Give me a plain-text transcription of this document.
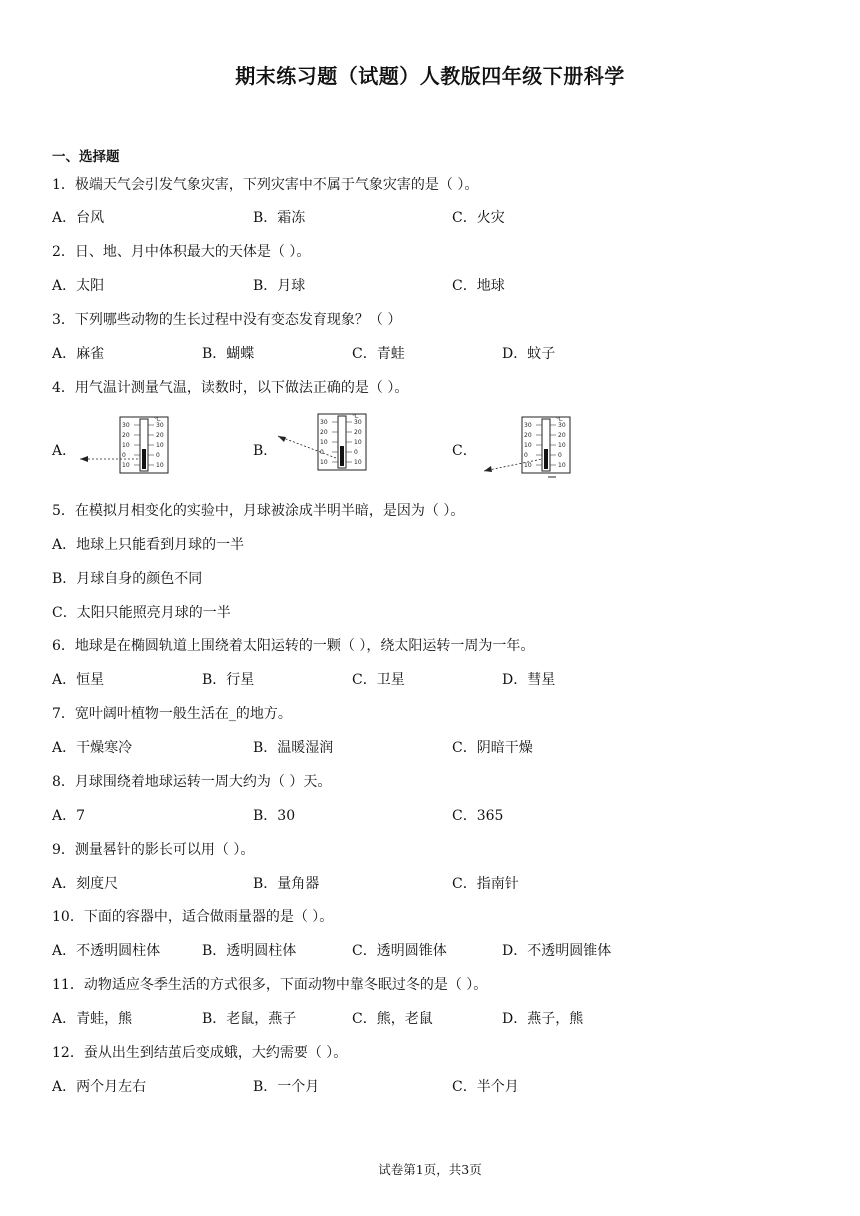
期末练习题（试题）人教版四年级下册科学
一、选择题
1．极端天气会引发气象灾害，下列灾害中不属于气象灾害的是（ ）。
A．台风	B．霜冻	C．火灾
2．日、地、月中体积最大的天体是（ ）。
A．太阳	B．月球	C．地球
3．下列哪些动物的生长过程中没有变态发育现象？（ ）
A．麻雀	B．蝴蝶	C．青蛙	D．蚊子
4．用气温计测量气温，读数时，以下做法正确的是（ ）。
A．	B．	C．
30	30
20	20
10	10
0	0
10	10
℃	30	30
20	20
10	10
0	0
10	10
℃
30	30
20	20
10	10
0	0
10	10
℃
5．在模拟月相变化的实验中，月球被涂成半明半暗，是因为（ ）。
A．地球上只能看到月球的一半
B．月球自身的颜色不同
C．太阳只能照亮月球的一半
6．地球是在椭圆轨道上围绕着太阳运转的一颗（ ），绕太阳运转一周为一年。
A．恒星	B．行星	C．卫星	D．彗星
7．宽叶阔叶植物一般生活在_的地方。
A．干燥寒冷	B．温暖湿润	C．阴暗干燥
8．月球围绕着地球运转一周大约为（ ）天。
A．7	B．30	C．365
9．测量晷针的影长可以用（ ）。
A．刻度尺	B．量角器	C．指南针
10．下面的容器中，适合做雨量器的是（ ）。
A．不透明圆柱体	B．透明圆柱体	C．透明圆锥体	D．不透明圆锥体
11．动物适应冬季生活的方式很多，下面动物中靠冬眠过冬的是（ ）。
A．青蛙，熊	B．老鼠，燕子	C．熊，老鼠	D．燕子，熊
12．蚕从出生到结茧后变成蛾，大约需要（ ）。
A．两个月左右	B．一个月	C．半个月
试卷第1页，共3页
